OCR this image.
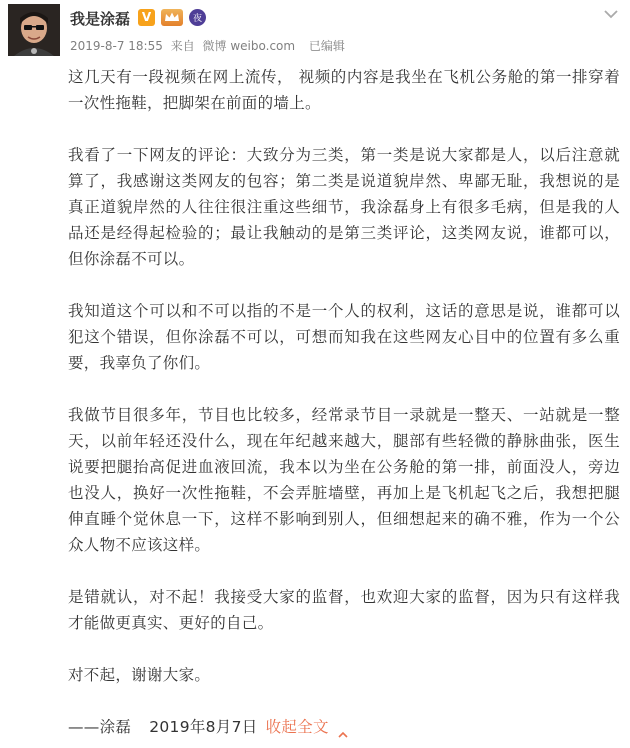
我是涂磊 V	夜
2019-8-7 18:55 来自 微博 weibo.com 已编辑

这几天有一段视频在网上流传， 视频的内容是我坐在飞机公务舱的第一排穿着一次性拖鞋，把脚架在前面的墙上。

我看了一下网友的评论：大致分为三类，第一类是说大家都是人，以后注意就算了，我感谢这类网友的包容；第二类是说道貌岸然、卑鄙无耻，我想说的是真正道貌岸然的人往往很注重这些细节，我涂磊身上有很多毛病，但是我的人品还是经得起检验的；最让我触动的是第三类评论，这类网友说，谁都可以，但你涂磊不可以。

我知道这个可以和不可以指的不是一个人的权利，这话的意思是说，谁都可以犯这个错误，但你涂磊不可以，可想而知我在这些网友心目中的位置有多么重要，我辜负了你们。

我做节目很多年，节目也比较多，经常录节目一录就是一整天、一站就是一整天，以前年轻还没什么，现在年纪越来越大，腿部有些轻微的静脉曲张，医生说要把腿抬高促进血液回流，我本以为坐在公务舱的第一排，前面没人，旁边也没人，换好一次性拖鞋，不会弄脏墙壁，再加上是飞机起飞之后，我想把腿伸直睡个觉休息一下，这样不影响到别人，但细想起来的确不雅，作为一个公众人物不应该这样。

是错就认，对不起！我接受大家的监督，也欢迎大家的监督，因为只有这样我才能做更真实、更好的自己。

对不起，谢谢大家。

——涂磊 2019年8月7日 收起全文
